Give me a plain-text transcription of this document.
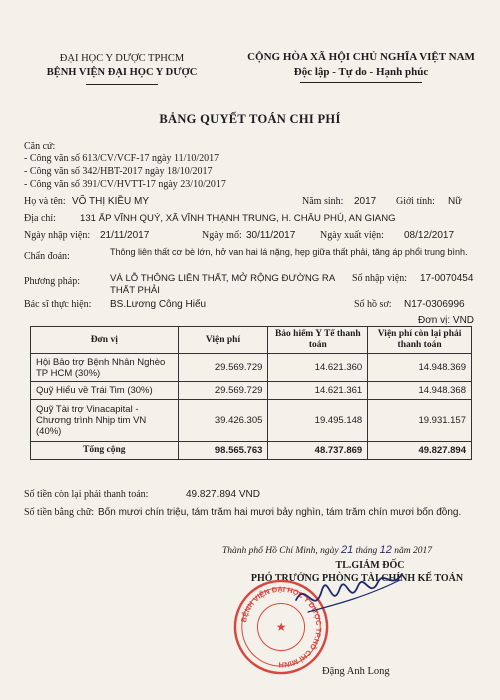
ĐẠI HỌC Y DƯỢC TPHCM
BỆNH VIỆN ĐẠI HỌC Y DƯỢC
CỘNG HÒA XÃ HỘI CHỦ NGHĨA VIỆT NAM
Độc lập - Tự do - Hạnh phúc
BẢNG QUYẾT TOÁN CHI PHÍ
Căn cứ:
- Công văn số 613/CV/VCF-17 ngày 11/10/2017
- Công văn số 342/HBT-2017 ngày 18/10/2017
- Công văn số 391/CV/HVTT-17 ngày 23/10/2017
Họ và tên: VÕ THỊ KIỀU MY	Năm sinh: 2017 Giới tính: Nữ
Địa chỉ:	131 ẤP VĨNH QUÝ, XÃ VĨNH THẠNH TRUNG, H. CHÂU PHÚ, AN GIANG
Ngày nhập viện: 21/11/2017	Ngày mổ: 30/11/2017 Ngày xuất viện: 08/12/2017
Chẩn đoán:	Thông liên thất cơ bè lớn, hở van hai lá nặng, hẹp giữa thất phải, tăng áp phổi trung bình.
Phương pháp:	VÁ LỖ THÔNG LIÊN THẤT, MỞ RỘNG ĐƯỜNG RA
THẤT PHẢI
Số nhập viện: 17-0070454
Bác sĩ thực hiện: BS.Lương Công Hiếu	Số hồ sơ: N17-0306996
Đơn vị: VND
Đơn vị	Viện phí	Bảo hiểm Y Tế thanh toán	Viện phí còn lại phải thanh toán
Hội Bảo trợ Bệnh Nhân Nghèo TP HCM (30%)	29.569.729	14.621.360	14.948.369
Quỹ Hiểu về Trái Tim (30%)	29.569.729	14.621.361	14.948.368
Quỹ Tài trợ Vinacapital - Chương trình Nhịp tim VN (40%)	39.426.305	19.495.148	19.931.157
Tổng cộng	98.565.763	48.737.869	49.827.894
Số tiền còn lại phải thanh toán:	49.827.894 VND
Số tiền bằng chữ: Bốn mươi chín triệu, tám trăm hai mươi bảy nghìn, tám trăm chín mươi bốn đồng.
Thành phố Hồ Chí Minh, ngày 21 tháng 12 năm 2017
TL.GIÁM ĐỐC
PHÓ TRƯỞNG PHÒNG TÀI CHÍNH KẾ TOÁN
BỆNH VIỆN ĐẠI HỌC Y DƯỢC TP.HỒ CHÍ MINH
★
Đặng Anh Long
